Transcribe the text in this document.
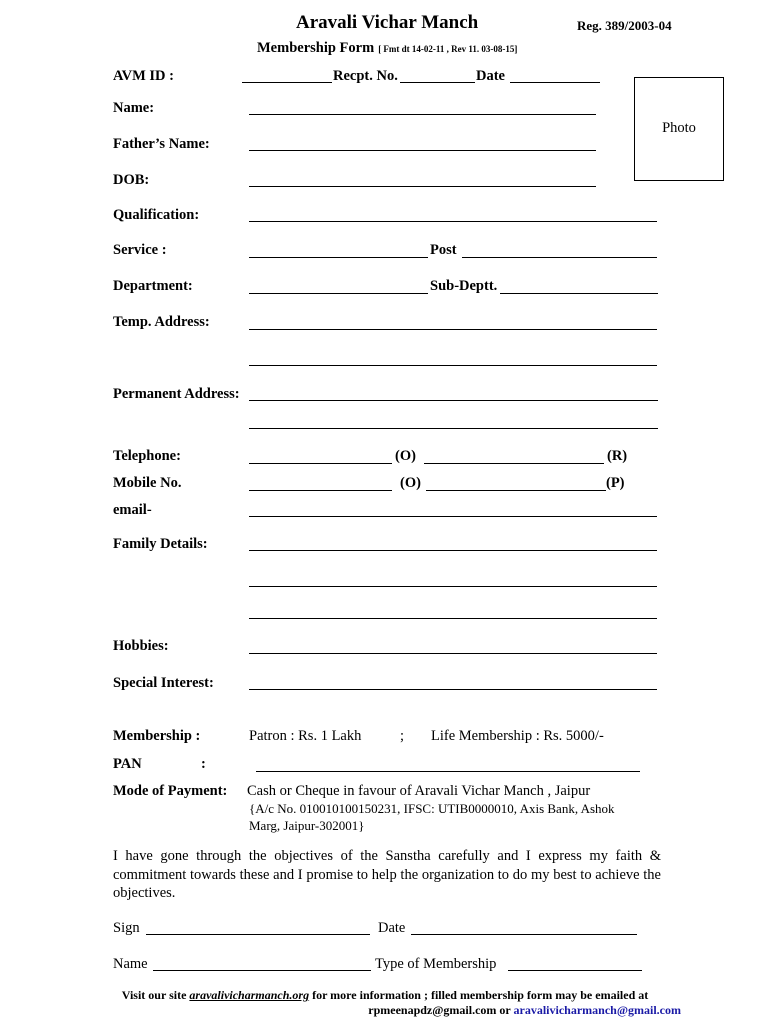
Aravali Vichar Manch	Reg. 389/2003-04
Membership Form [ Fmt dt 14-02-11 , Rev 11. 03-08-15]
Photo
AVM ID :	Recpt. No.	Date
Name:
Father’s Name:
DOB:
Qualification:
Service :	Post
Department:	Sub-Deptt.
Temp. Address:
Permanent Address:
Telephone:	(O)	(R)
Mobile No.	(O)	(P)
email-
Family Details:
Hobbies:
Special Interest:
Membership :	Patron : Rs. 1 Lakh	; Life Membership : Rs. 5000/-
PAN	:
Mode of Payment: Cash or Cheque in favour of Aravali Vichar Manch , Jaipur
{A/c No. 010010100150231, IFSC: UTIB0000010, Axis Bank, Ashok
Marg, Jaipur-302001}
I have gone through the objectives of the Sanstha carefully and I express my faith & commitment towards these and I promise to help the organization to do my best to achieve the objectives.
Sign	Date
Name	Type of Membership
Visit our site aravalivicharmanch.org for more information ; filled membership form may be emailed at
rpmeenapdz@gmail.com or aravalivicharmanch@gmail.com
